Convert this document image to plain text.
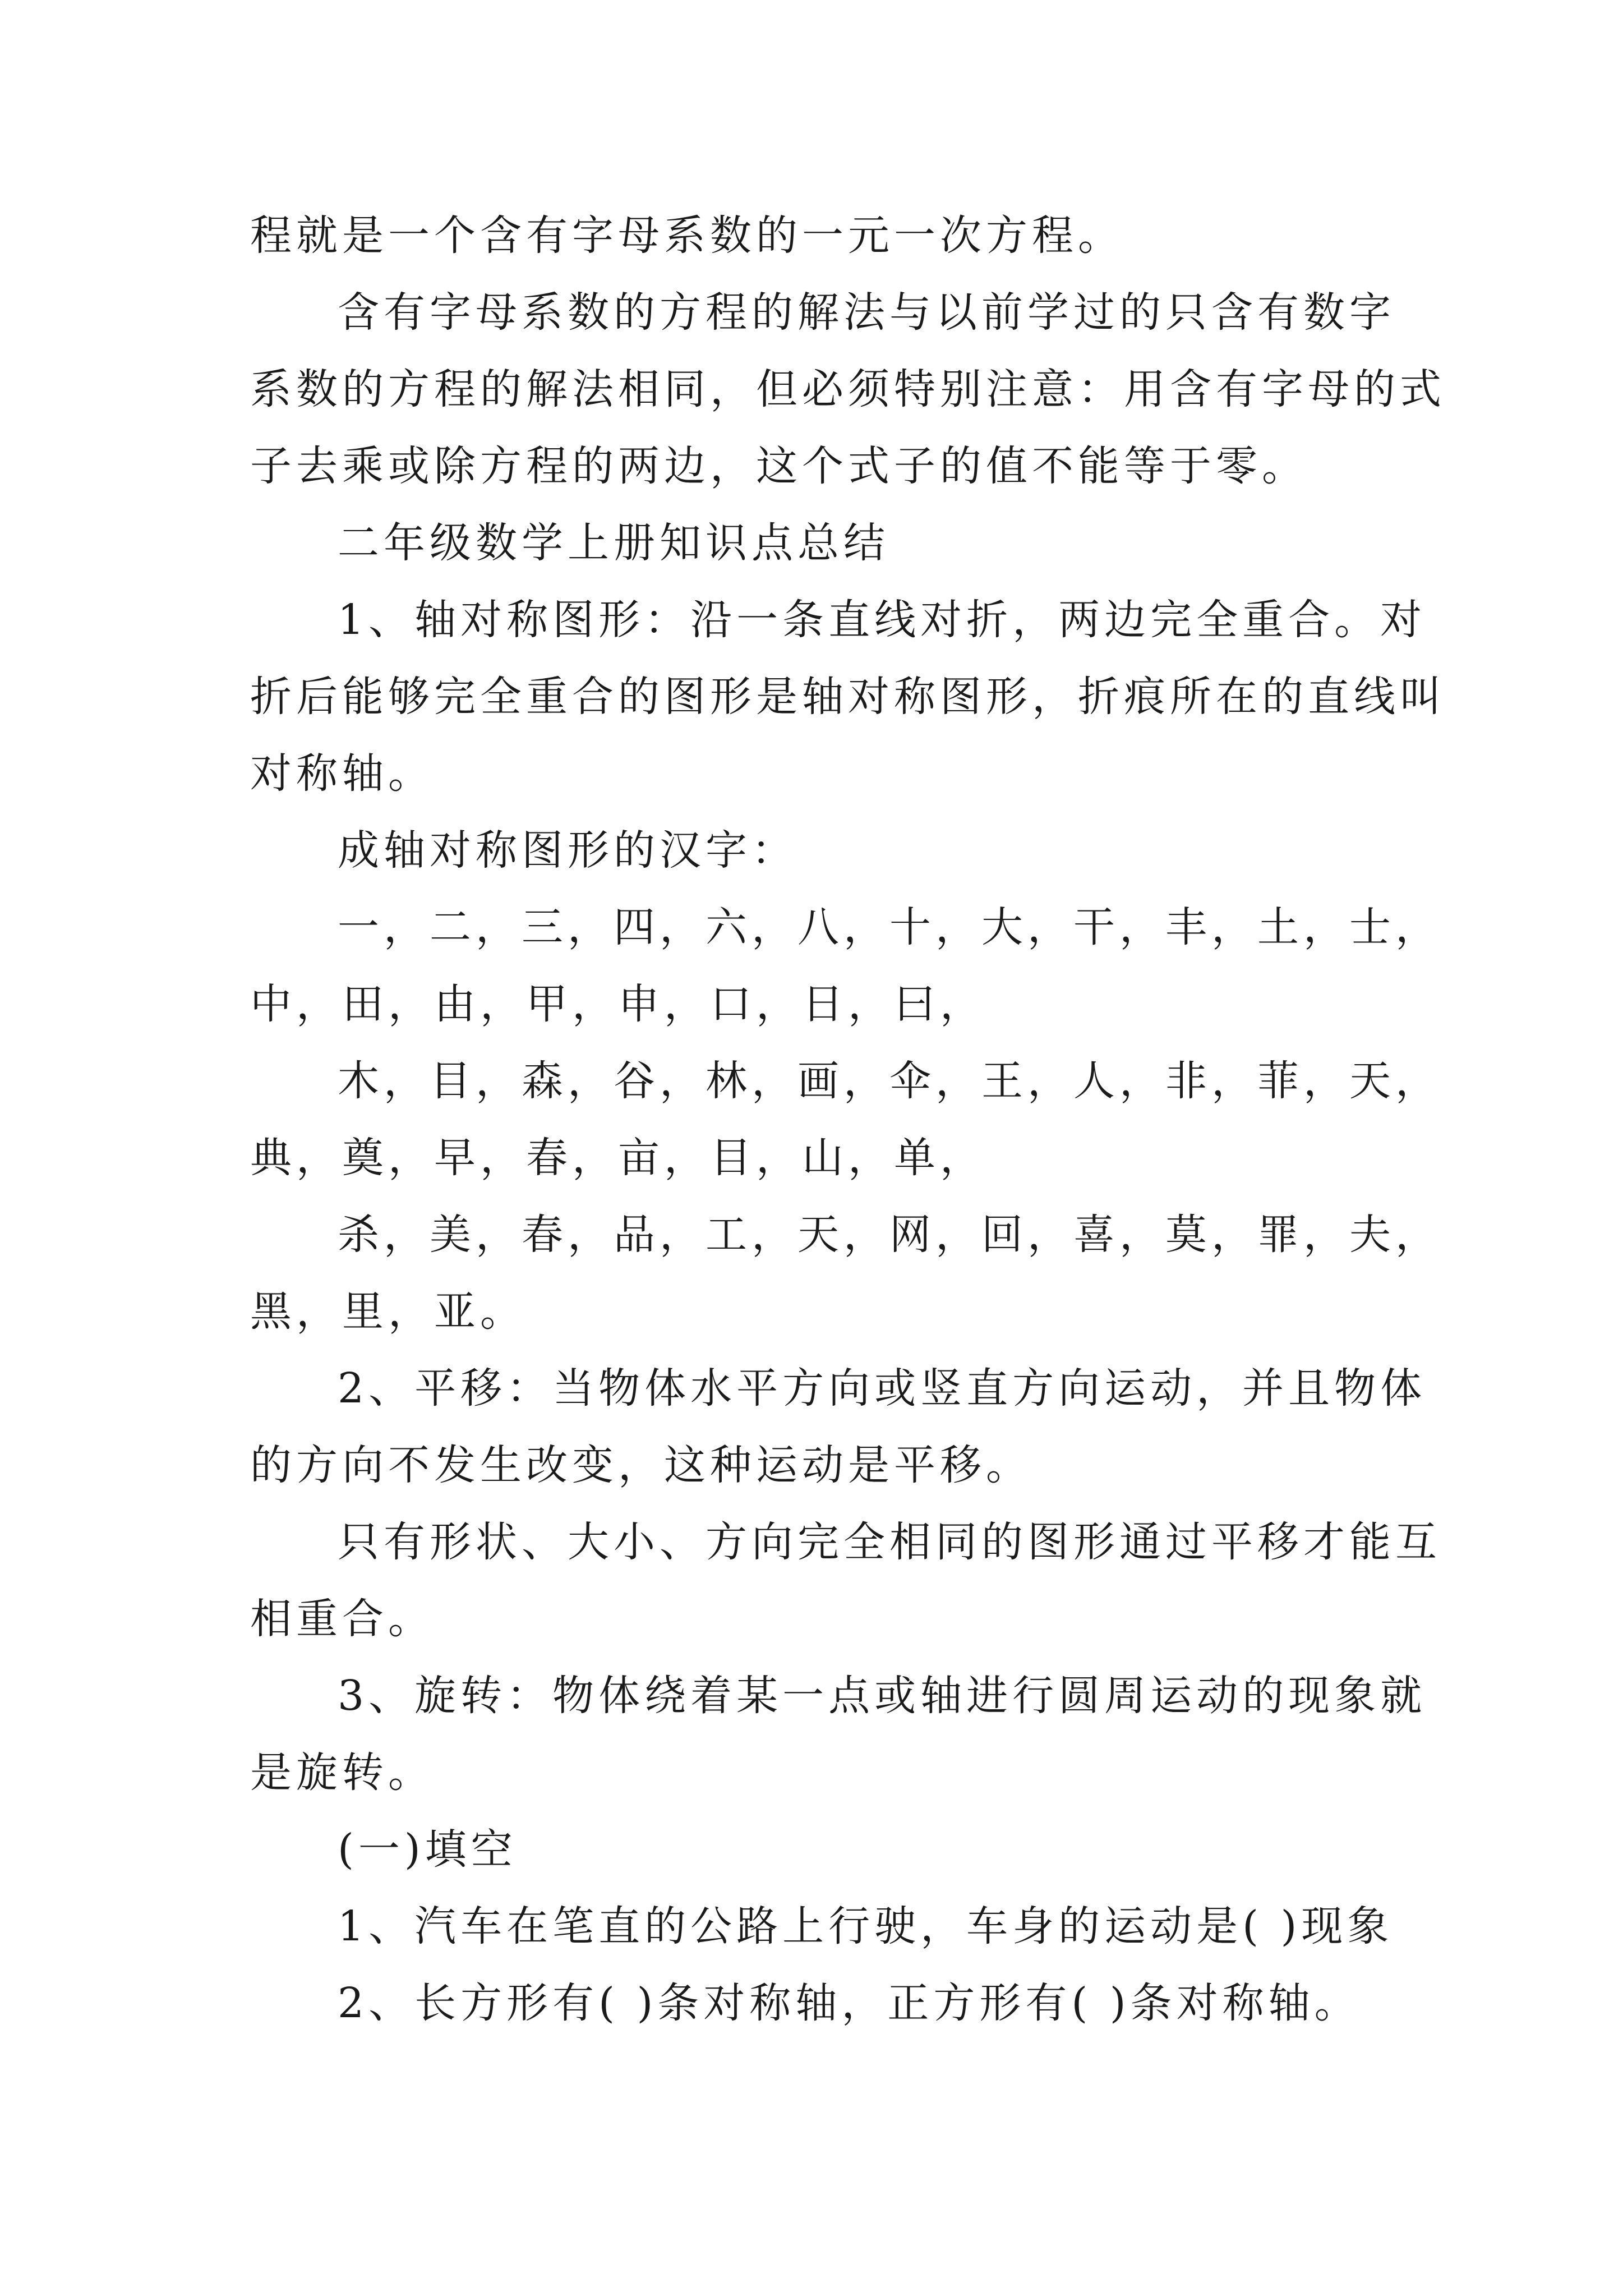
程就是一个含有字母系数的一元一次方程。

含有字母系数的方程的解法与以前学过的只含有数字

系数的方程的解法相同，但必须特别注意：用含有字母的式

子去乘或除方程的两边，这个式子的值不能等于零。

二年级数学上册知识点总结

1、轴对称图形：沿一条直线对折，两边完全重合。对

折后能够完全重合的图形是轴对称图形，折痕所在的直线叫

对称轴。

成轴对称图形的汉字：

一，二，三，四，六，八，十，大，干，丰，土，士，

中，田，由，甲，申，口，日，曰，

木，目，森，谷，林，画，伞，王，人，非，菲，天，

典，奠，早，春，亩，目，山，单，

杀，美，春，品，工，天，网，回，喜，莫，罪，夫，

黑，里，亚。

2、平移：当物体水平方向或竖直方向运动，并且物体

的方向不发生改变，这种运动是平移。

只有形状、大小、方向完全相同的图形通过平移才能互

相重合。

3、旋转：物体绕着某一点或轴进行圆周运动的现象就

是旋转。

(一)填空

1、汽车在笔直的公路上行驶，车身的运动是( )现象

2、长方形有( )条对称轴，正方形有( )条对称轴。
